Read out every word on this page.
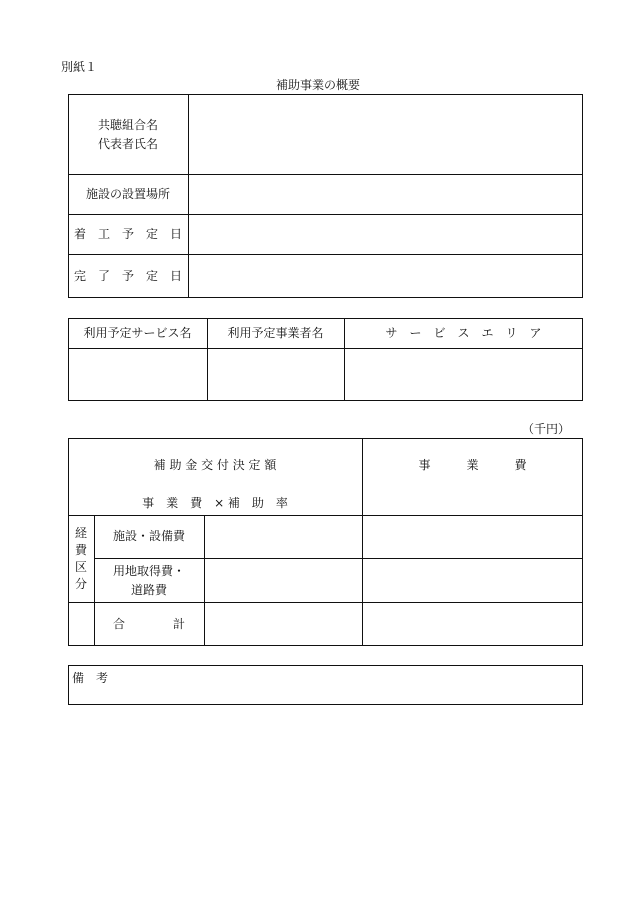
別紙１
補助事業の概要
共聴組合名
代表者氏名
施設の設置場所
着　工　予　定　日
完　了　予　定　日
利用予定サービス名	利用予定事業者名	サ　ー　ビ　ス　エ　リ　ア
（千円）
補 助 金 交 付 決 定 額
事　業　費　× 補　助　率
事　　　業　　　費
経
費
区
分
施設・設備費
用地取得費・
道路費
合　　　　計
備　考
